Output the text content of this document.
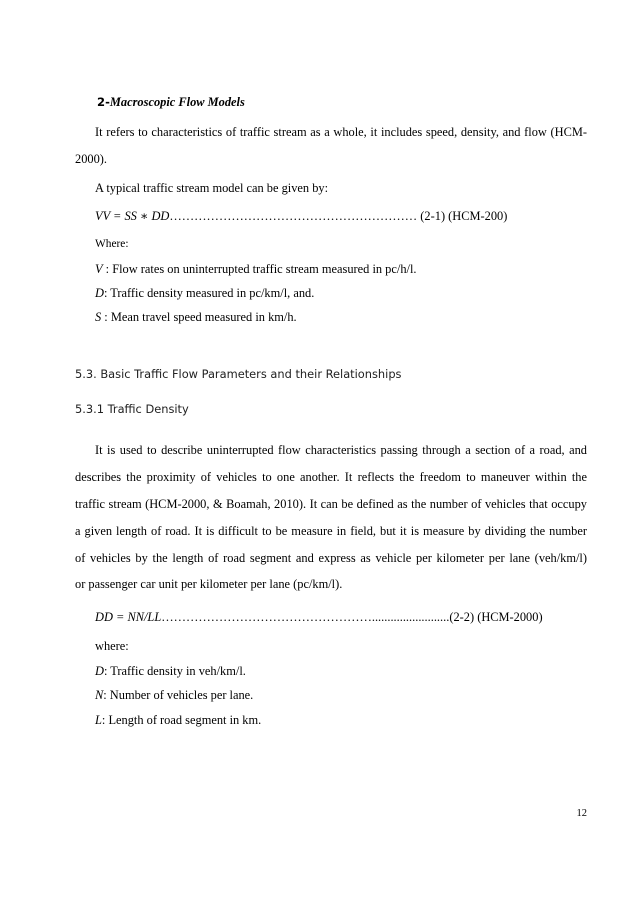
2-Macroscopic Flow Models
It refers to characteristics of traffic stream as a whole, it includes speed, density, and flow (HCM-
2000).
A typical traffic stream model can be given by:
VV = SS ∗ DD…………………………………………………… (2-1) (HCM-200)
Where:
V : Flow rates on uninterrupted traffic stream measured in pc/h/l.
D: Traffic density measured in pc/km/l, and.
S : Mean travel speed measured in km/h.
5.3. Basic Traffic Flow Parameters and their Relationships
5.3.1 Traffic Density
It is used to describe uninterrupted flow characteristics passing through a section of a road, and
describes the proximity of vehicles to one another. It reflects the freedom to maneuver within the
traffic stream (HCM-2000, & Boamah, 2010). It can be defined as the number of vehicles that occupy
a given length of road. It is difficult to be measure in field, but it is measure by dividing the number
of vehicles by the length of road segment and express as vehicle per kilometer per lane (veh/km/l)
or passenger car unit per kilometer per lane (pc/km/l).
DD = NN/LL…………………………………………….........................(2-2) (HCM-2000)
where:
D: Traffic density in veh/km/l.
N: Number of vehicles per lane.
L: Length of road segment in km.
12
